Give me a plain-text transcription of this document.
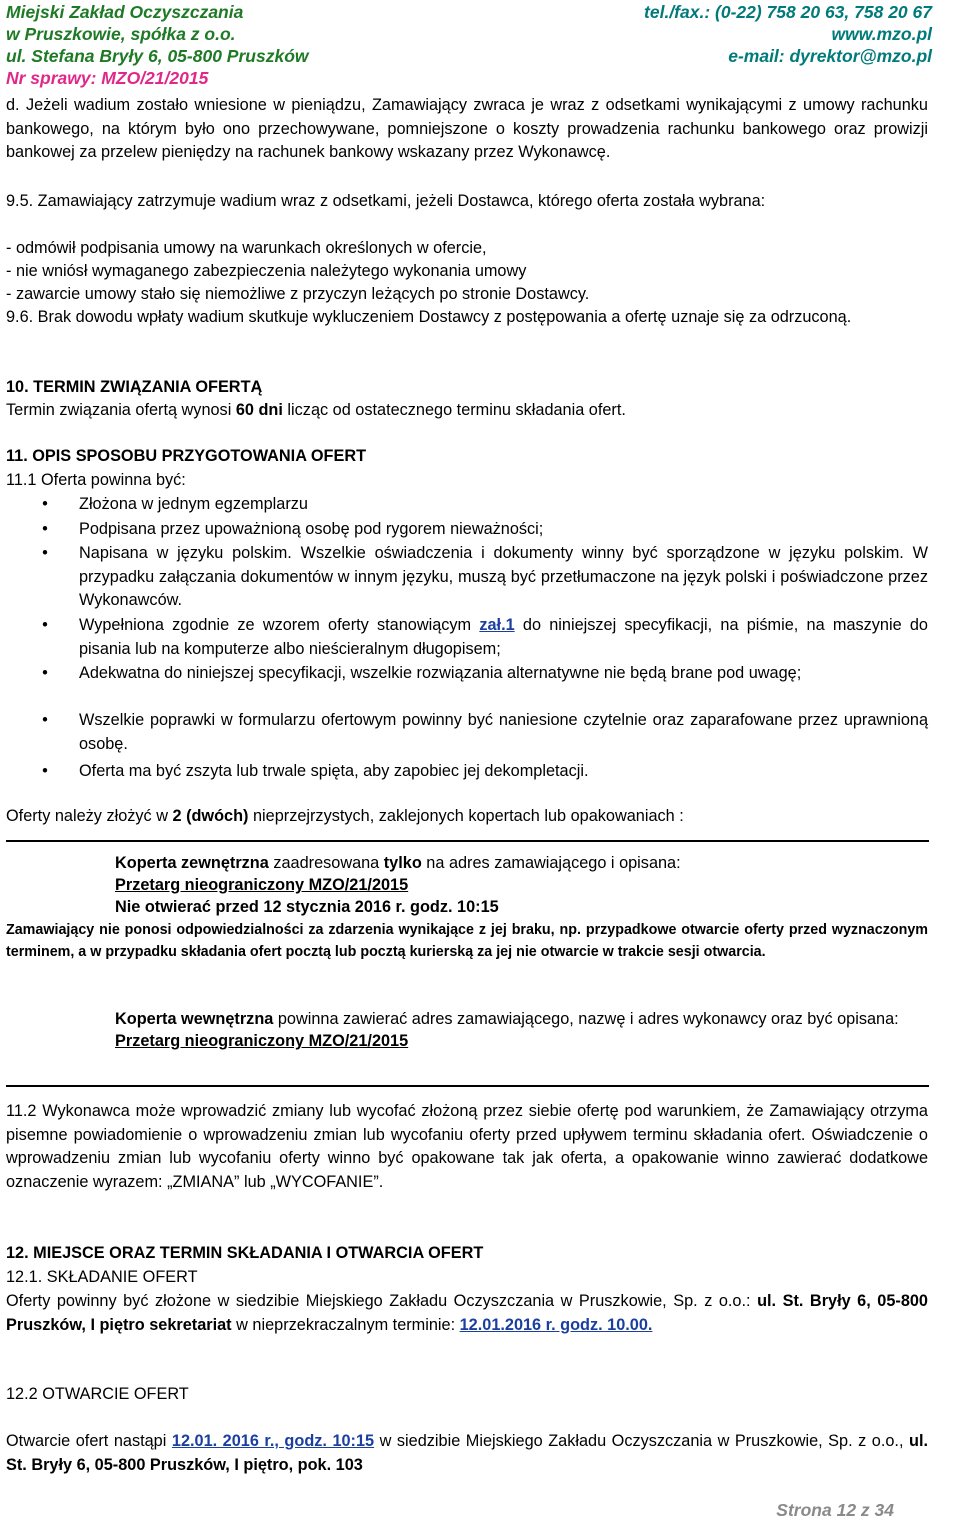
Miejski Zakład Oczyszczania	tel./fax.: (0-22) 758 20 63, 758 20 67
w Pruszkowie, spółka z o.o.	www.mzo.pl
ul. Stefana Bryły 6, 05-800 Pruszków	e-mail: dyrektor@mzo.pl
Nr sprawy: MZO/21/2015
d. Jeżeli wadium zostało wniesione w pieniądzu, Zamawiający zwraca je wraz z odsetkami wynikającymi z umowy rachunku bankowego, na którym było ono przechowywane, pomniejszone o koszty prowadzenia rachunku bankowego oraz prowizji bankowej za przelew pieniędzy na rachunek bankowy wskazany przez Wykonawcę.
9.5. Zamawiający zatrzymuje wadium wraz z odsetkami, jeżeli Dostawca, którego oferta została wybrana:
- odmówił podpisania umowy na warunkach określonych w ofercie,
- nie wniósł wymaganego zabezpieczenia należytego wykonania umowy
- zawarcie umowy stało się niemożliwe z przyczyn leżących po stronie Dostawcy.
9.6. Brak dowodu wpłaty wadium skutkuje wykluczeniem Dostawcy z postępowania a ofertę uznaje się za odrzuconą.
10. TERMIN ZWIĄZANIA OFERTĄ
Termin związania ofertą wynosi 60 dni licząc od ostatecznego terminu składania ofert.
11. OPIS SPOSOBU PRZYGOTOWANIA OFERT
11.1 Oferta powinna być:
• Złożona w jednym egzemplarzu
• Podpisana przez upoważnioną osobę pod rygorem nieważności;
• Napisana w języku polskim. Wszelkie oświadczenia i dokumenty winny być sporządzone w języku polskim. W przypadku załączania dokumentów w innym języku, muszą być przetłumaczone na język polski i poświadczone przez Wykonawców.
• Wypełniona zgodnie ze wzorem oferty stanowiącym zał.1 do niniejszej specyfikacji, na piśmie, na maszynie do pisania lub na komputerze albo nieścieralnym długopisem;
• Adekwatna do niniejszej specyfikacji, wszelkie rozwiązania alternatywne nie będą brane pod uwagę;
• Wszelkie poprawki w formularzu ofertowym powinny być naniesione czytelnie oraz zaparafowane przez uprawnioną osobę.
• Oferta ma być zszyta lub trwale spięta, aby zapobiec jej dekompletacji.
Oferty należy złożyć w 2 (dwóch) nieprzejrzystych, zaklejonych kopertach lub opakowaniach :
Koperta zewnętrzna zaadresowana tylko na adres zamawiającego i opisana:
Przetarg nieograniczony MZO/21/2015
Nie otwierać przed 12 stycznia 2016 r. godz. 10:15
Zamawiający nie ponosi odpowiedzialności za zdarzenia wynikające z jej braku, np. przypadkowe otwarcie oferty przed wyznaczonym terminem, a w przypadku składania ofert pocztą lub pocztą kurierską za jej nie otwarcie w trakcie sesji otwarcia.
Koperta wewnętrzna powinna zawierać adres zamawiającego, nazwę i adres wykonawcy oraz być opisana:
Przetarg nieograniczony MZO/21/2015
11.2 Wykonawca może wprowadzić zmiany lub wycofać złożoną przez siebie ofertę pod warunkiem, że Zamawiający otrzyma pisemne powiadomienie o wprowadzeniu zmian lub wycofaniu oferty przed upływem terminu składania ofert. Oświadczenie o wprowadzeniu zmian lub wycofaniu oferty winno być opakowane tak jak oferta, a opakowanie winno zawierać dodatkowe oznaczenie wyrazem: „ZMIANA” lub „WYCOFANIE”.
12. MIEJSCE ORAZ TERMIN SKŁADANIA I OTWARCIA OFERT
12.1. SKŁADANIE OFERT
Oferty powinny być złożone w siedzibie Miejskiego Zakładu Oczyszczania w Pruszkowie, Sp. z o.o.: ul. St. Bryły 6, 05-800 Pruszków, I piętro sekretariat w nieprzekraczalnym terminie: 12.01.2016 r. godz. 10.00.
12.2 OTWARCIE OFERT
Otwarcie ofert nastąpi 12.01. 2016 r., godz. 10:15 w siedzibie Miejskiego Zakładu Oczyszczania w Pruszkowie, Sp. z o.o., ul. St. Bryły 6, 05-800 Pruszków, I piętro, pok. 103
Strona 12 z 34
